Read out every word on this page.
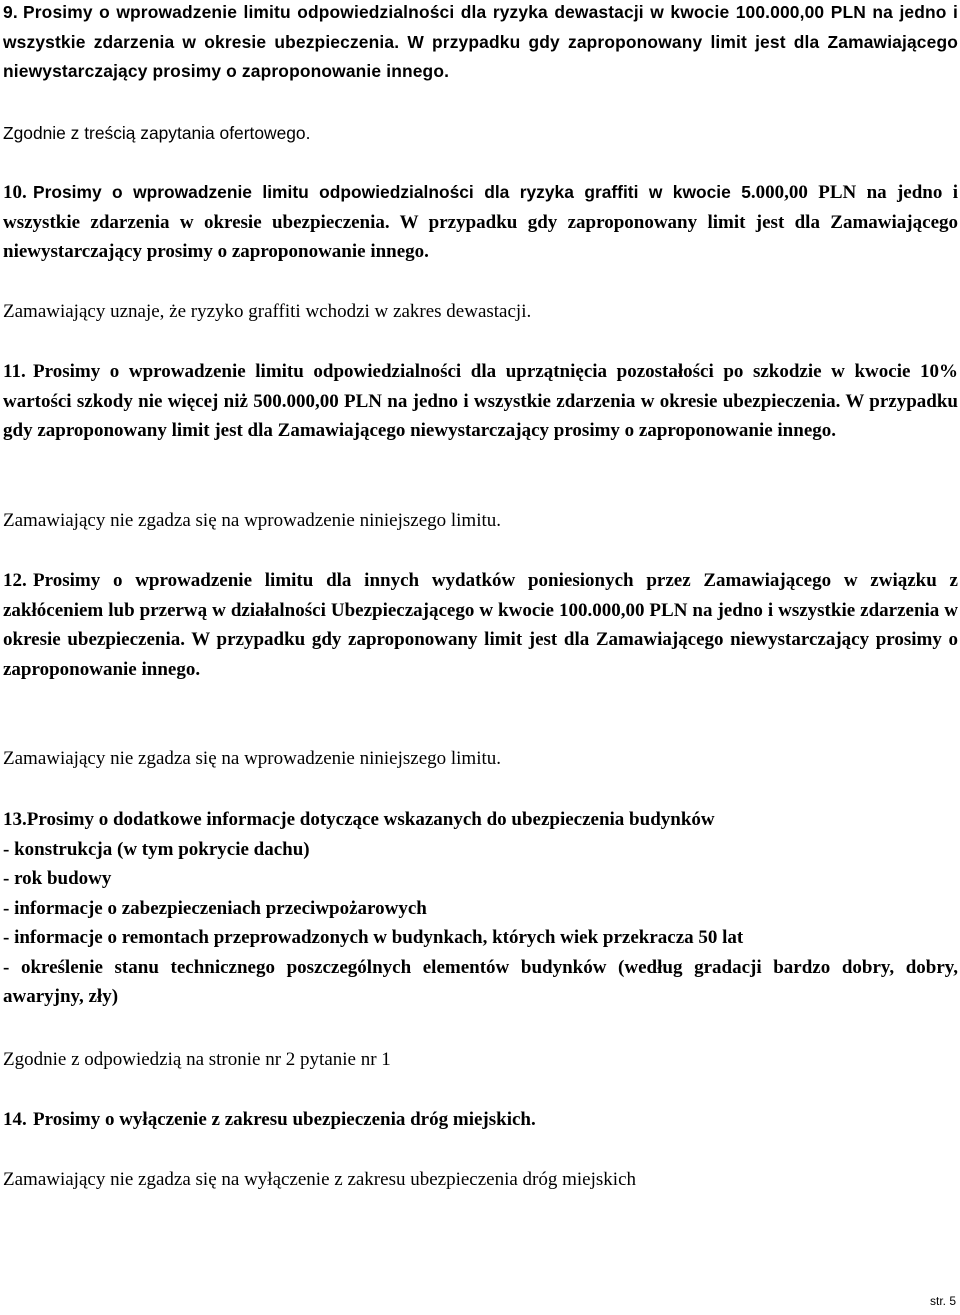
9. Prosimy o wprowadzenie limitu odpowiedzialności dla ryzyka dewastacji w kwocie 100.000,00 PLN na jedno i wszystkie zdarzenia w okresie ubezpieczenia. W przypadku gdy zaproponowany limit jest dla Zamawiającego niewystarczający prosimy o zaproponowanie innego.

Zgodnie z treścią zapytania ofertowego.

10. Prosimy o wprowadzenie limitu odpowiedzialności dla ryzyka graffiti w kwocie 5.000,00 PLN na jedno i wszystkie zdarzenia w okresie ubezpieczenia. W przypadku gdy zaproponowany limit jest dla Zamawiającego niewystarczający prosimy o zaproponowanie innego.

Zamawiający uznaje, że ryzyko graffiti wchodzi w zakres dewastacji.

11. Prosimy o wprowadzenie limitu odpowiedzialności dla uprzątnięcia pozostałości po szkodzie w kwocie 10% wartości szkody nie więcej niż 500.000,00 PLN na jedno i wszystkie zdarzenia w okresie ubezpieczenia. W przypadku gdy zaproponowany limit jest dla Zamawiającego niewystarczający prosimy o zaproponowanie innego.

Zamawiający nie zgadza się na wprowadzenie niniejszego limitu.

12. Prosimy o wprowadzenie limitu dla innych wydatków poniesionych przez Zamawiającego w związku z zakłóceniem lub przerwą w działalności Ubezpieczającego w kwocie 100.000,00 PLN na jedno i wszystkie zdarzenia w okresie ubezpieczenia. W przypadku gdy zaproponowany limit jest dla Zamawiającego niewystarczający prosimy o zaproponowanie innego.

Zamawiający nie zgadza się na wprowadzenie niniejszego limitu.

13.Prosimy o dodatkowe informacje dotyczące wskazanych do ubezpieczenia budynków
- konstrukcja (w tym pokrycie dachu)
- rok budowy
- informacje o zabezpieczeniach przeciwpożarowych
- informacje o remontach przeprowadzonych w budynkach, których wiek przekracza 50 lat
- określenie stanu technicznego poszczególnych elementów budynków (według gradacji bardzo dobry, dobry, awaryjny, zły)

Zgodnie z odpowiedzią na stronie nr 2 pytanie nr 1

14. Prosimy o wyłączenie z zakresu ubezpieczenia dróg miejskich.

Zamawiający nie zgadza się na wyłączenie z zakresu ubezpieczenia dróg miejskich

str. 5
